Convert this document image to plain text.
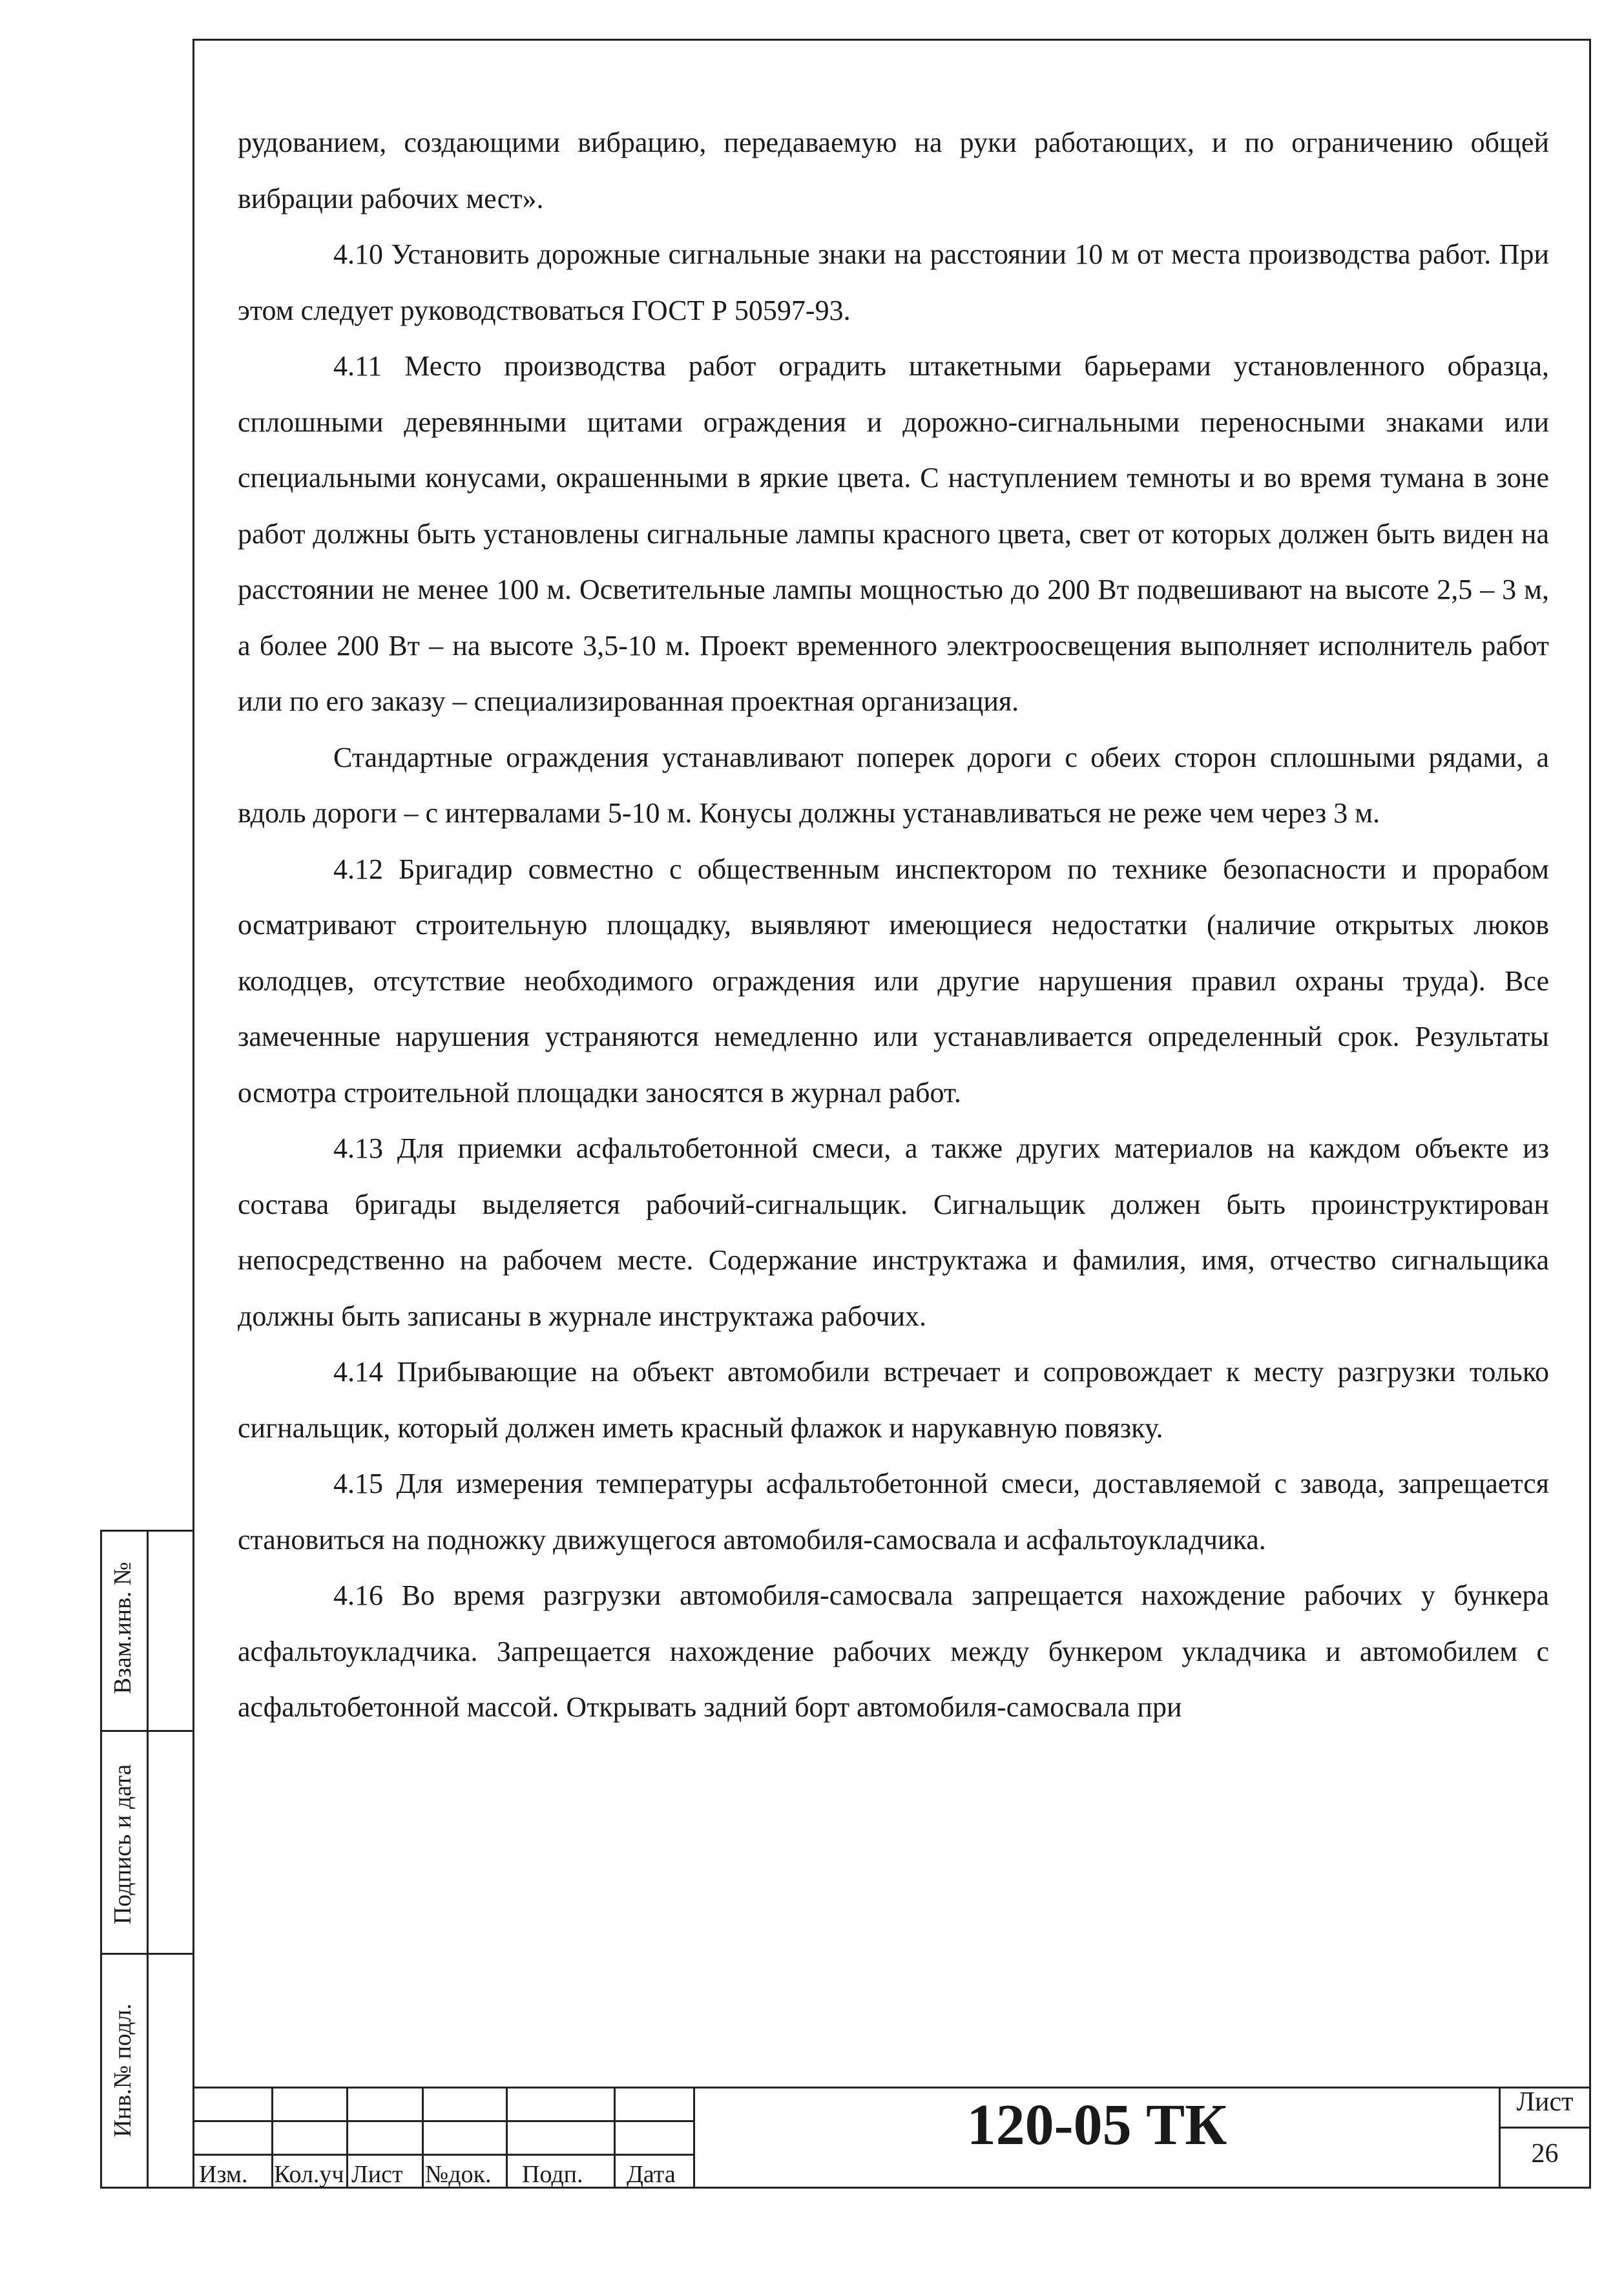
рудованием, создающими вибрацию, передаваемую на руки работающих, и по ограничению общей вибрации рабочих мест».

4.10 Установить дорожные сигнальные знаки на расстоянии 10 м от места производства работ. При этом следует руководствоваться ГОСТ Р 50597-93.

4.11 Место производства работ оградить штакетными барьерами установленного образца, сплошными деревянными щитами ограждения и дорожно-сигнальными переносными знаками или специальными конусами, окрашенными в яркие цвета. С наступлением темноты и во время тумана в зоне работ должны быть установлены сигнальные лампы красного цвета, свет от которых должен быть виден на расстоянии не менее 100 м. Осветительные лампы мощностью до 200 Вт подвешивают на высоте 2,5 – 3 м, а более 200 Вт – на высоте 3,5-10 м. Проект временного электроосвещения выполняет исполнитель работ или по его заказу – специализированная проектная организация.

Стандартные ограждения устанавливают поперек дороги с обеих сторон сплошными рядами, а вдоль дороги – с интервалами 5-10 м. Конусы должны устанавливаться не реже чем через 3 м.

4.12 Бригадир совместно с общественным инспектором по технике безопасности и прорабом осматривают строительную площадку, выявляют имеющиеся недостатки (наличие открытых люков колодцев, отсутствие необходимого ограждения или другие нарушения правил охраны труда). Все замеченные нарушения устраняются немедленно или устанавливается определенный срок. Результаты осмотра строительной площадки заносятся в журнал работ.

4.13 Для приемки асфальтобетонной смеси, а также других материалов на каждом объекте из состава бригады выделяется рабочий-сигнальщик. Сигнальщик должен быть проинструктирован непосредственно на рабочем месте. Содержание инструктажа и фамилия, имя, отчество сигнальщика должны быть записаны в журнале инструктажа рабочих.

4.14 Прибывающие на объект автомобили встречает и сопровождает к месту разгрузки только сигнальщик, который должен иметь красный флажок и нарукавную повязку.

4.15 Для измерения температуры асфальтобетонной смеси, доставляемой с завода, запрещается становиться на подножку движущегося автомобиля-самосвала и асфальтоукладчика.

4.16 Во время разгрузки автомобиля-самосвала запрещается нахождение рабочих у бункера асфальтоукладчика. Запрещается нахождение рабочих между бункером укладчика и автомобилем с асфальтобетонной массой. Открывать задний борт автомобиля-самосвала при

Взам.инв. №
Подпись и дата
Инв.№ подл.
Изм. Кол.уч Лист №док. Подп. Дата
120-05 ТК	Лист
26
